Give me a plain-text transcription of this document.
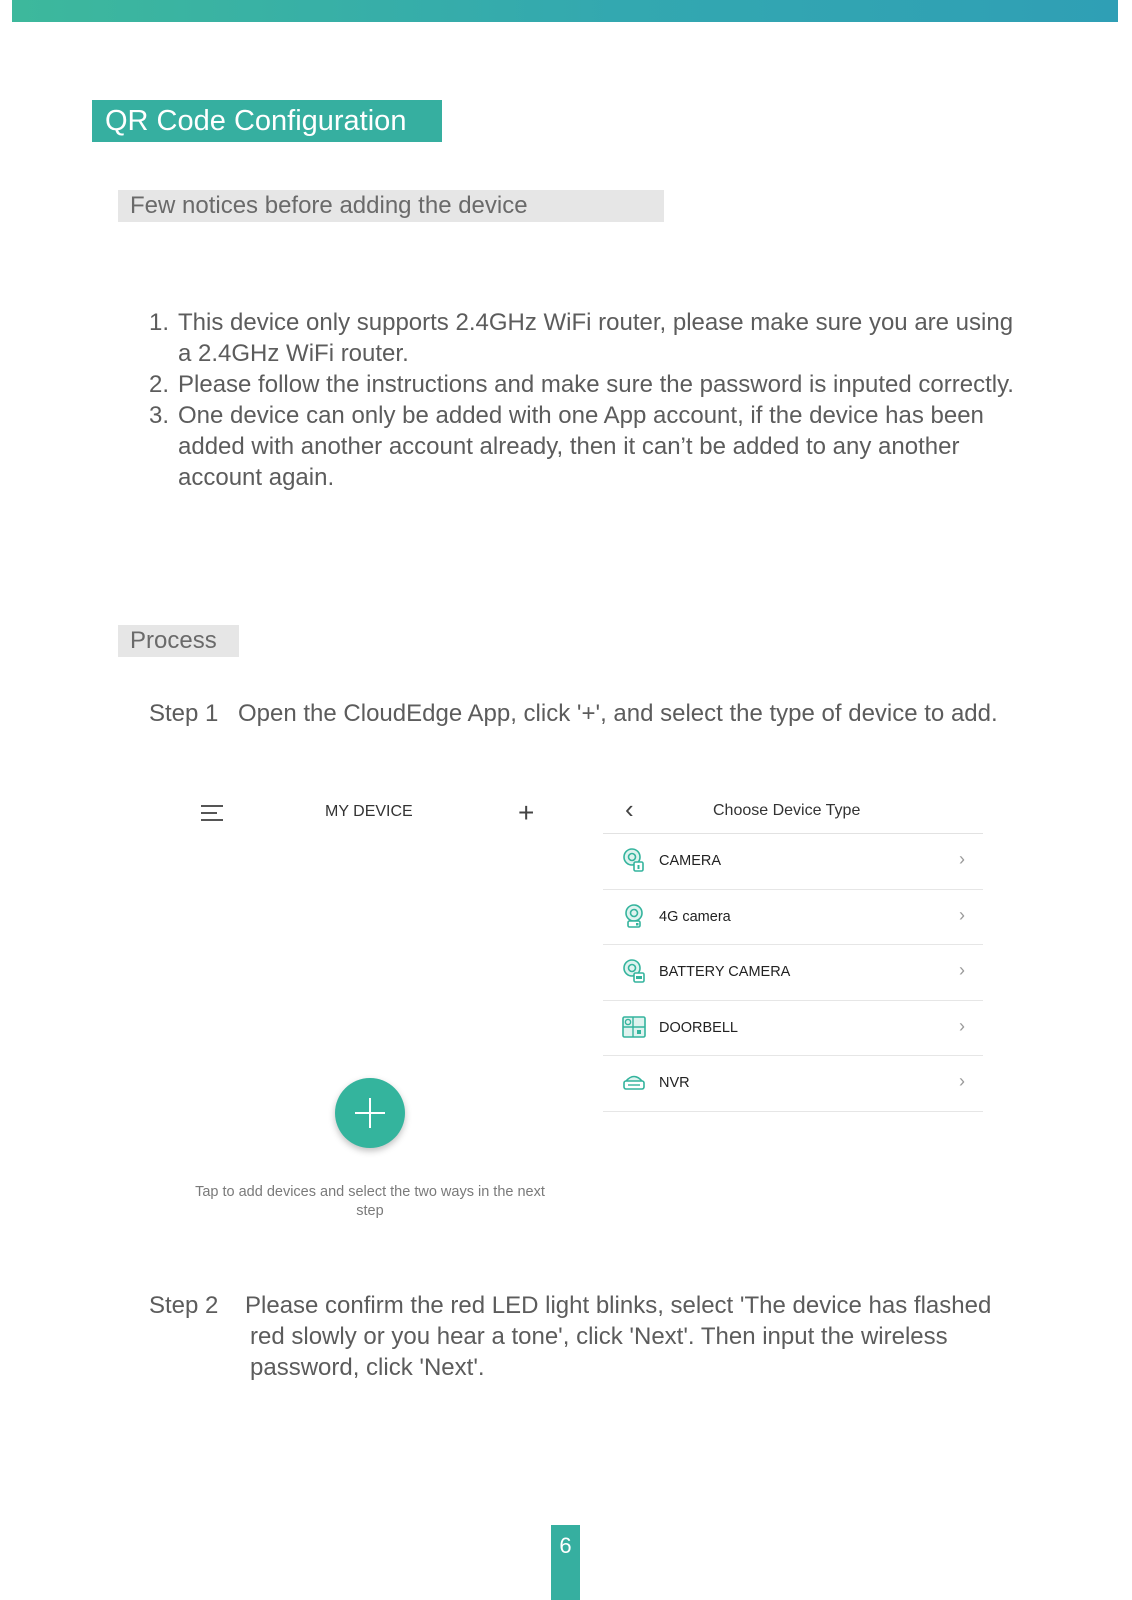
QR Code Configuration
Few notices before adding the device
1. This device only supports 2.4GHz WiFi router, please make sure you are using a 2.4GHz WiFi router.
2. Please follow the instructions and make sure the password is inputed correctly.
3. One device can only be added with one App account, if the device has been added with another account already, then it can’t be added to any another account again.
Process
Step 1 Open the CloudEdge App, click '+', and select the type of device to add.
MY DEVICE	+
Tap to add devices and select the two ways in the next step
‹	Choose Device Type
CAMERA	›
4G camera	›
BATTERY CAMERA	›
DOORBELL	›
NVR	›
Step 2	Please confirm the red LED light blinks, select 'The device has flashed red slowly or you hear a tone', click 'Next'. Then input the wireless password, click 'Next'.
6
